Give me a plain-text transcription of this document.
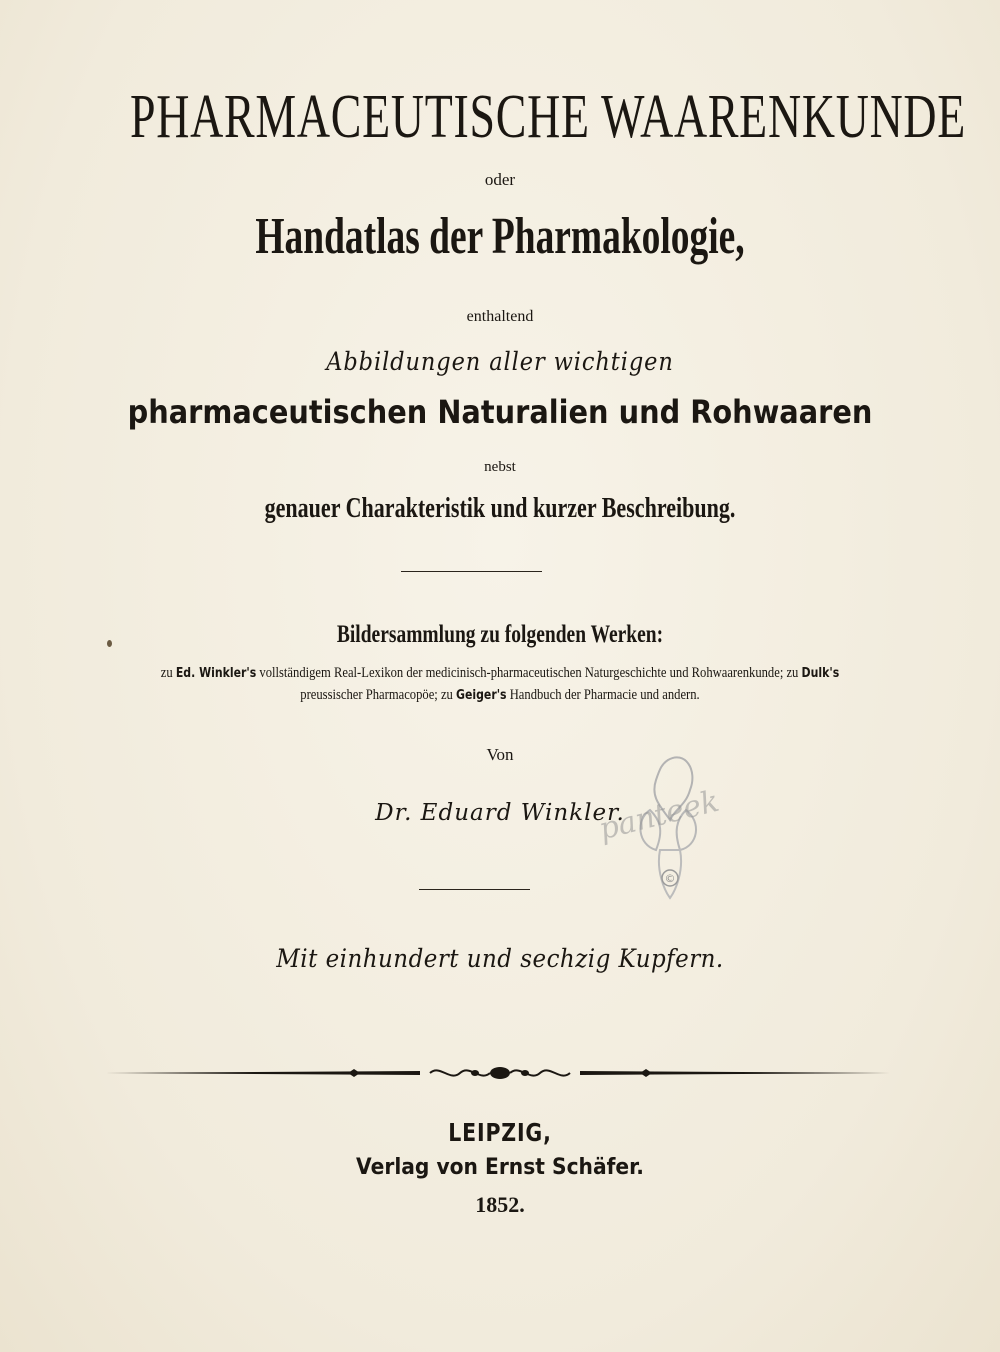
PHARMACEUTISCHE WAARENKUNDE
oder
Handatlas der Pharmakologie,
enthaltend
Abbildungen aller wichtigen
pharmaceutischen Naturalien und Rohwaaren
nebst
genauer Charakteristik und kurzer Beschreibung.
Bildersammlung zu folgenden Werken:
zu Ed. Winkler's vollständigem Real-Lexikon der medicinisch-pharmaceutischen Naturgeschichte und Rohwaarenkunde; zu Dulk's
preussischer Pharmacopöe; zu Geiger's Handbuch der Pharmacie und andern.
Von
Dr. Eduard Winkler.
©
panteek
Mit einhundert und sechzig Kupfern.
LEIPZIG,
Verlag von Ernst Schäfer.
1852.
